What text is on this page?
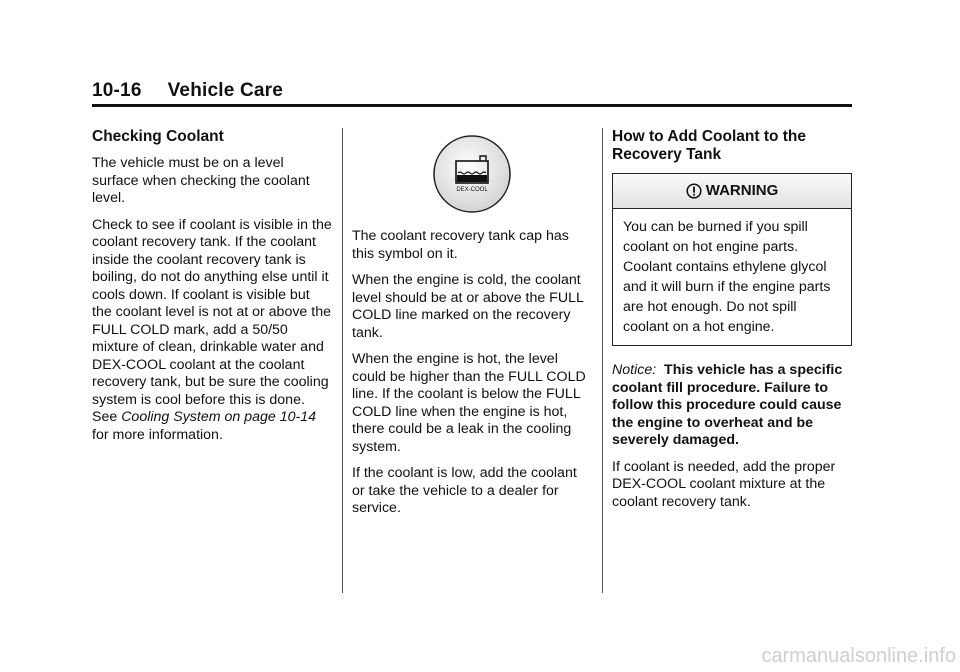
10-16 Vehicle Care
Checking Coolant

The vehicle must be on a level surface when checking the coolant level.

Check to see if coolant is visible in the coolant recovery tank. If the coolant inside the coolant recovery tank is boiling, do not do anything else until it cools down. If coolant is visible but the coolant level is not at or above the FULL COLD mark, add a 50/50 mixture of clean, drinkable water and DEX-COOL coolant at the coolant recovery tank, but be sure the cooling system is cool before this is done. See Cooling System on page 10-14 for more information.

DEX-COOL

The coolant recovery tank cap has this symbol on it.

When the engine is cold, the coolant level should be at or above the FULL COLD line marked on the recovery tank.

When the engine is hot, the level could be higher than the FULL COLD line. If the coolant is below the FULL COLD line when the engine is hot, there could be a leak in the cooling system.

If the coolant is low, add the coolant or take the vehicle to a dealer for service.

How to Add Coolant to the Recovery Tank
WARNING
You can be burned if you spill coolant on hot engine parts. Coolant contains ethylene glycol and it will burn if the engine parts are hot enough. Do not spill coolant on a hot engine.

Notice: This vehicle has a specific coolant fill procedure. Failure to follow this procedure could cause the engine to overheat and be severely damaged.

If coolant is needed, add the proper DEX-COOL coolant mixture at the coolant recovery tank.

carmanualsonline.info
